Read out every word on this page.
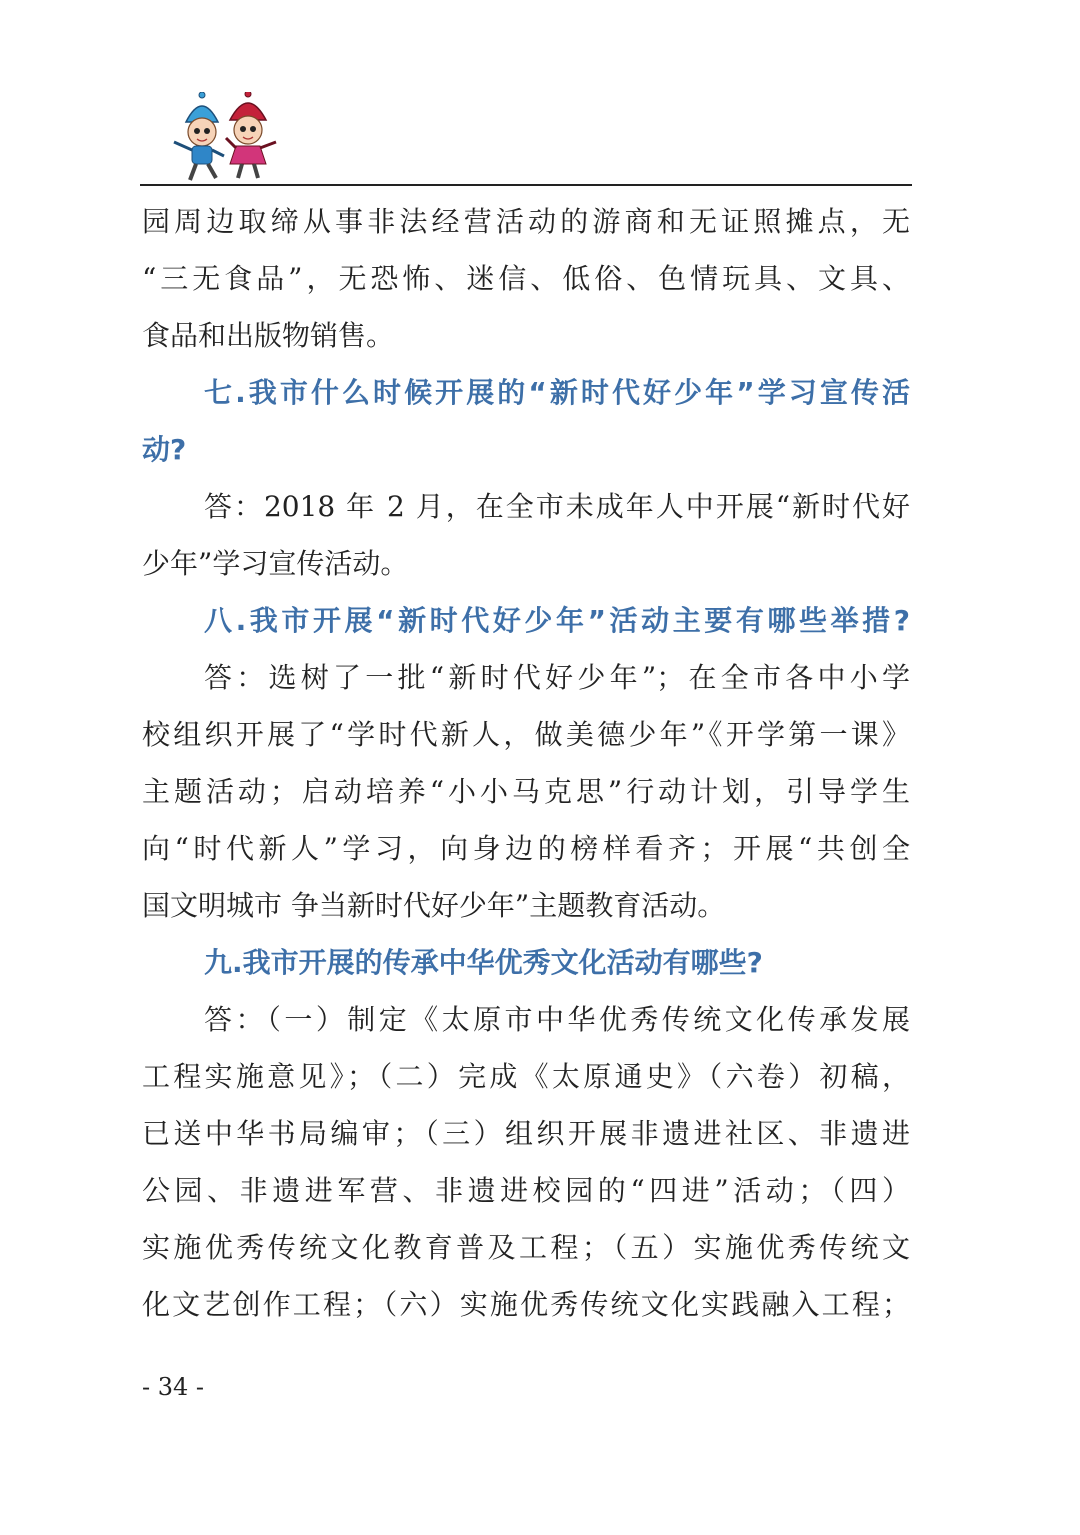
园周边取缔从事非法经营活动的游商和无证照摊点，无
“三无食品”，无恐怖、迷信、低俗、色情玩具、文具、
食品和出版物销售。
七.我市什么时候开展的“新时代好少年”学习宣传活
动?
答：2018 年 2 月，在全市未成年人中开展“新时代好
少年”学习宣传活动。
八.我市开展“新时代好少年”活动主要有哪些举措?
答：选树了一批“新时代好少年”；在全市各中小学
校组织开展了“学时代新人，做美德少年”《开学第一课》
主题活动；启动培养“小小马克思”行动计划，引导学生
向“时代新人”学习，向身边的榜样看齐；开展“共创全
国文明城市 争当新时代好少年”主题教育活动。
九.我市开展的传承中华优秀文化活动有哪些?
答：（一）制定《太原市中华优秀传统文化传承发展
工程实施意见》；（二）完成《太原通史》（六卷）初稿，
已送中华书局编审；（三）组织开展非遗进社区、非遗进
公园、非遗进军营、非遗进校园的“四进”活动；（四）
实施优秀传统文化教育普及工程；（五）实施优秀传统文
化文艺创作工程；（六）实施优秀传统文化实践融入工程；
- 34 -
